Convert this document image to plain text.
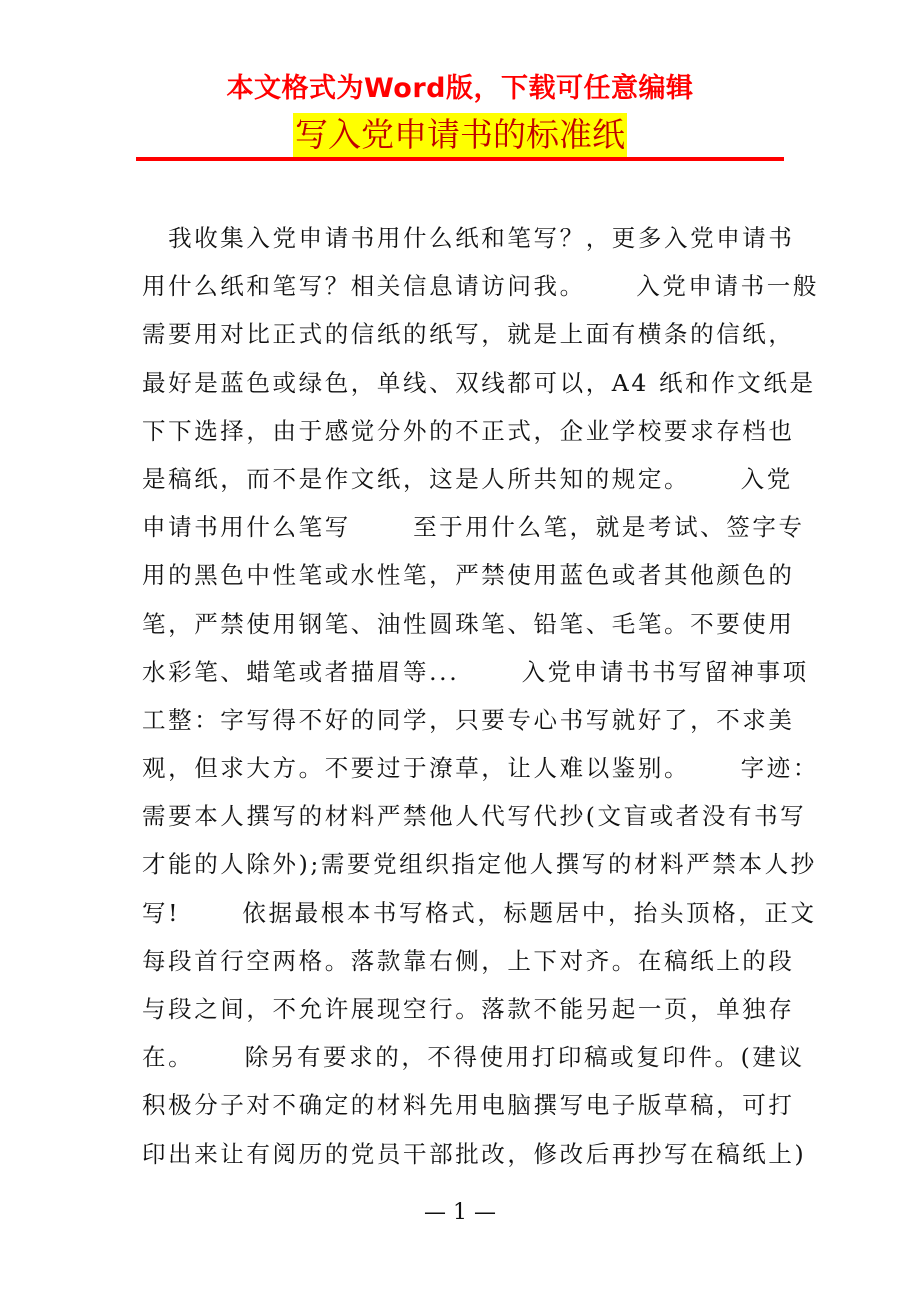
本文格式为Word版，下载可任意编辑
写入党申请书的标准纸
　我收集入党申请书用什么纸和笔写？，更多入党申请书
用什么纸和笔写？相关信息请访问我。　　 入党申请书一般
需要用对比正式的信纸的纸写，就是上面有横条的信纸，
最好是蓝色或绿色，单线、双线都可以，A4 纸和作文纸是
下下选择，由于感觉分外的不正式，企业学校要求存档也
是稿纸，而不是作文纸，这是人所共知的规定。　　 入党
申请书用什么笔写　　 至于用什么笔，就是考试、签字专
用的黑色中性笔或水性笔，严禁使用蓝色或者其他颜色的
笔，严禁使用钢笔、油性圆珠笔、铅笔、毛笔。不要使用
水彩笔、蜡笔或者描眉等...　　 入党申请书书写留神事项
工整：字写得不好的同学，只要专心书写就好了，不求美
观，但求大方。不要过于潦草，让人难以鉴别。　　 字迹：
需要本人撰写的材料严禁他人代写代抄(文盲或者没有书写
才能的人除外);需要党组织指定他人撰写的材料严禁本人抄
写!　　 依据最根本书写格式，标题居中，抬头顶格，正文
每段首行空两格。落款靠右侧，上下对齐。在稿纸上的段
与段之间，不允许展现空行。落款不能另起一页，单独存
在。　　 除另有要求的，不得使用打印稿或复印件。(建议
积极分子对不确定的材料先用电脑撰写电子版草稿，可打
印出来让有阅历的党员干部批改，修改后再抄写在稿纸上)
— 1 —
